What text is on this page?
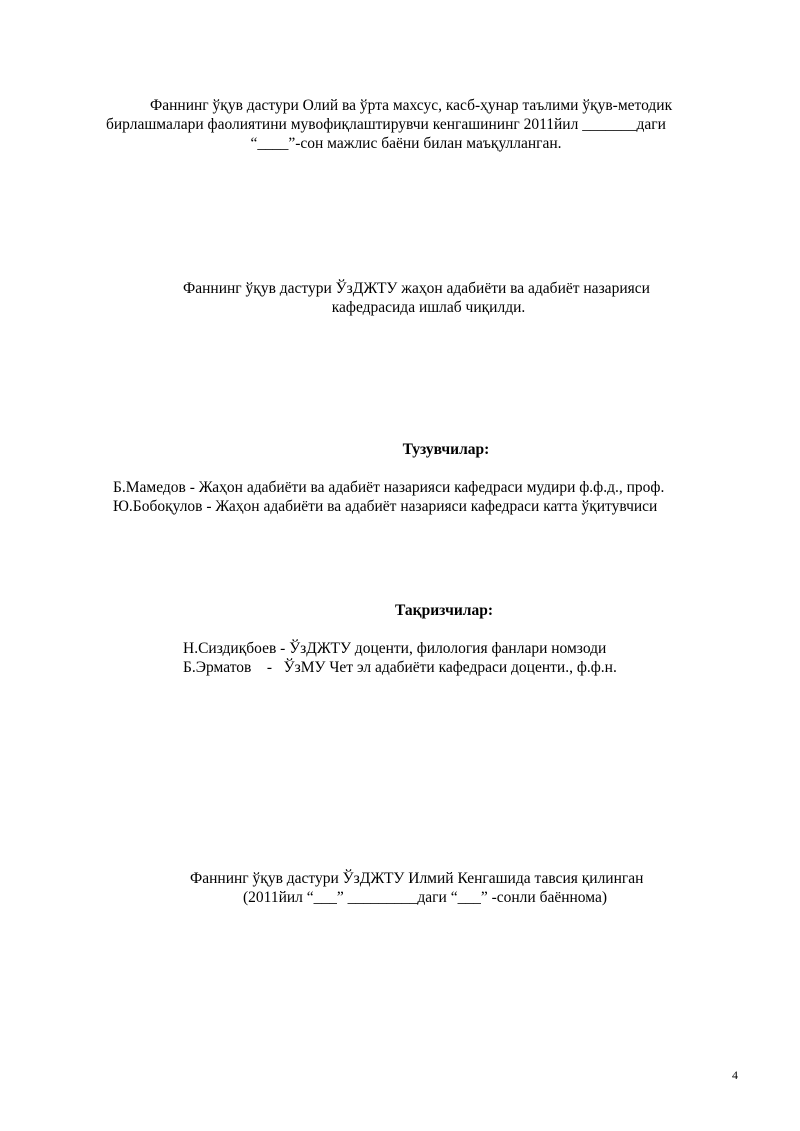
Фаннинг ўқув дастури Олий ва ўрта махсус, касб-ҳунар таълими ўқув-методик
бирлашмалари фаолиятини мувофиқлаштирувчи кенгашининг 2011йил _______даги
“____”-сон мажлис баёни билан маъқулланган.
Фаннинг ўқув дастури ЎзДЖТУ жаҳон адабиёти ва адабиёт назарияси
кафедрасида ишлаб чиқилди.
Тузувчилар:
Б.Мамедов - Жаҳон адабиёти ва адабиёт назарияси кафедраси мудири ф.ф.д., проф.
Ю.Бобоқулов - Жаҳон адабиёти ва адабиёт назарияси кафедраси катта ўқитувчиси
Тақризчилар:
Н.Сиздиқбоев - ЎзДЖТУ доценти, филология фанлари номзоди
Б.Эрматов    -   ЎзМУ Чет эл адабиёти кафедраси доценти., ф.ф.н.
Фаннинг ўқув дастури ЎзДЖТУ Илмий Кенгашида тавсия қилинган
(2011йил “___” _________даги “___” -сонли баённома)
4
